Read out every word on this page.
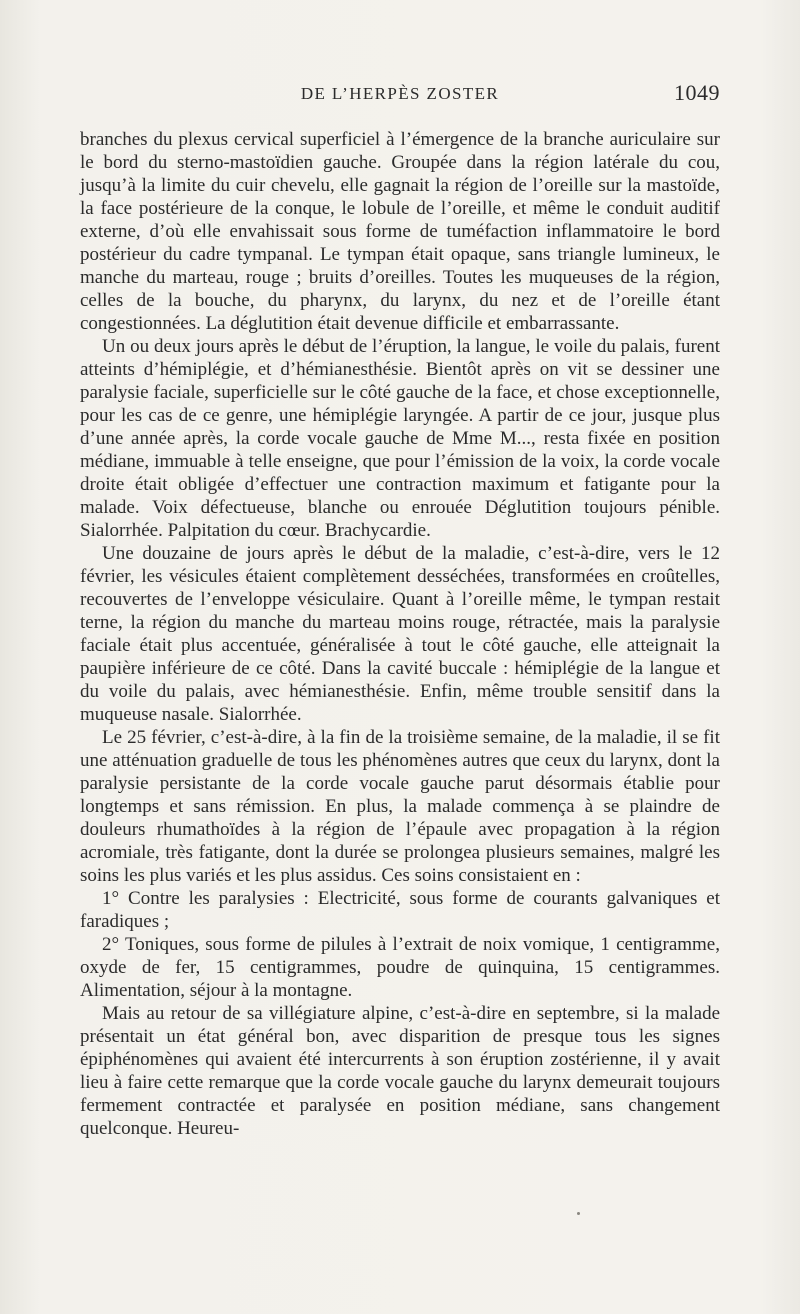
DE L’HERPÈS ZOSTER	1049

branches du plexus cervical superficiel à l’émergence de la branche auriculaire sur le bord du sterno-mastoïdien gauche. Groupée dans la région latérale du cou, jusqu’à la limite du cuir chevelu, elle gagnait la région de l’oreille sur la mastoïde, la face postérieure de la conque, le lobule de l’oreille, et même le conduit auditif externe, d’où elle envahissait sous forme de tuméfaction inflammatoire le bord postérieur du cadre tympanal. Le tympan était opaque, sans triangle lumineux, le manche du marteau, rouge ; bruits d’oreilles. Toutes les muqueuses de la région, celles de la bouche, du pharynx, du larynx, du nez et de l’oreille étant congestionnées. La déglutition était devenue difficile et embarrassante.

Un ou deux jours après le début de l’éruption, la langue, le voile du palais, furent atteints d’hémiplégie, et d’hémianesthésie. Bientôt après on vit se dessiner une paralysie faciale, superficielle sur le côté gauche de la face, et chose exceptionnelle, pour les cas de ce genre, une hémiplégie laryngée. A partir de ce jour, jusque plus d’une année après, la corde vocale gauche de Mme M..., resta fixée en position médiane, immuable à telle enseigne, que pour l’émission de la voix, la corde vocale droite était obligée d’effectuer une contraction maximum et fatigante pour la malade. Voix défectueuse, blanche ou enrouée Déglutition toujours pénible. Sialorrhée. Palpitation du cœur. Brachycardie.

Une douzaine de jours après le début de la maladie, c’est-à-dire, vers le 12 février, les vésicules étaient complètement desséchées, transformées en croûtelles, recouvertes de l’enveloppe vésiculaire. Quant à l’oreille même, le tympan restait terne, la région du manche du marteau moins rouge, rétractée, mais la paralysie faciale était plus accentuée, généralisée à tout le côté gauche, elle atteignait la paupière inférieure de ce côté. Dans la cavité buccale : hémiplégie de la langue et du voile du palais, avec hémianesthésie. Enfin, même trouble sensitif dans la muqueuse nasale. Sialorrhée.

Le 25 février, c’est-à-dire, à la fin de la troisième semaine, de la maladie, il se fit une atténuation graduelle de tous les phénomènes autres que ceux du larynx, dont la paralysie persistante de la corde vocale gauche parut désormais établie pour longtemps et sans rémission. En plus, la malade commença à se plaindre de douleurs rhumathoïdes à la région de l’épaule avec propagation à la région acromiale, très fatigante, dont la durée se prolongea plusieurs semaines, malgré les soins les plus variés et les plus assidus. Ces soins consistaient en :

1° Contre les paralysies : Electricité, sous forme de courants galvaniques et faradiques ;

2° Toniques, sous forme de pilules à l’extrait de noix vomique, 1 centigramme, oxyde de fer, 15 centigrammes, poudre de quinquina, 15 centigrammes. Alimentation, séjour à la montagne.

Mais au retour de sa villégiature alpine, c’est-à-dire en septembre, si la malade présentait un état général bon, avec disparition de presque tous les signes épiphénomènes qui avaient été intercurrents à son éruption zostérienne, il y avait lieu à faire cette remarque que la corde vocale gauche du larynx demeurait toujours fermement contractée et paralysée en position médiane, sans changement quelconque. Heureu-
